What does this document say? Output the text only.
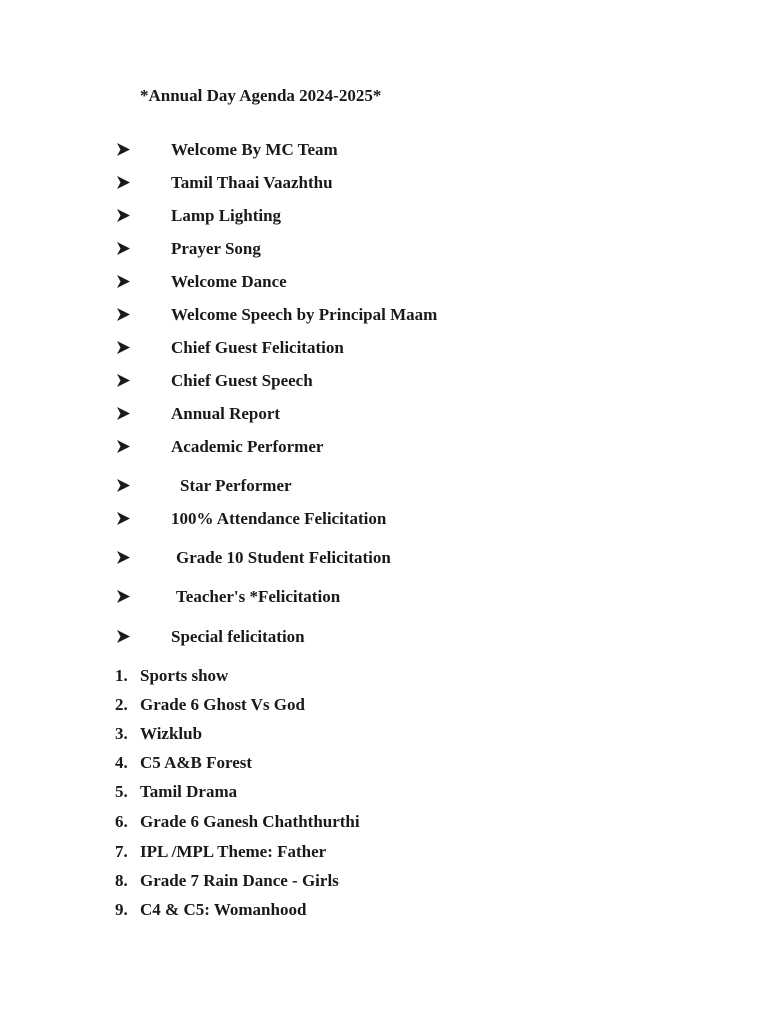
*Annual Day Agenda 2024-2025*
Welcome By MC Team
Tamil Thaai Vaazhthu
Lamp Lighting
Prayer Song
Welcome Dance
Welcome Speech by Principal Maam
Chief Guest Felicitation
Chief Guest Speech
Annual Report
Academic Performer
Star Performer
100% Attendance Felicitation
Grade 10 Student Felicitation
Teacher's *Felicitation
Special felicitation
1. Sports show
2. Grade 6 Ghost Vs God
3. Wizklub
4. C5 A&B Forest
5. Tamil Drama
6. Grade 6 Ganesh Chaththurthi
7. IPL /MPL Theme: Father
8. Grade 7 Rain Dance - Girls
9. C4 & C5: Womanhood
